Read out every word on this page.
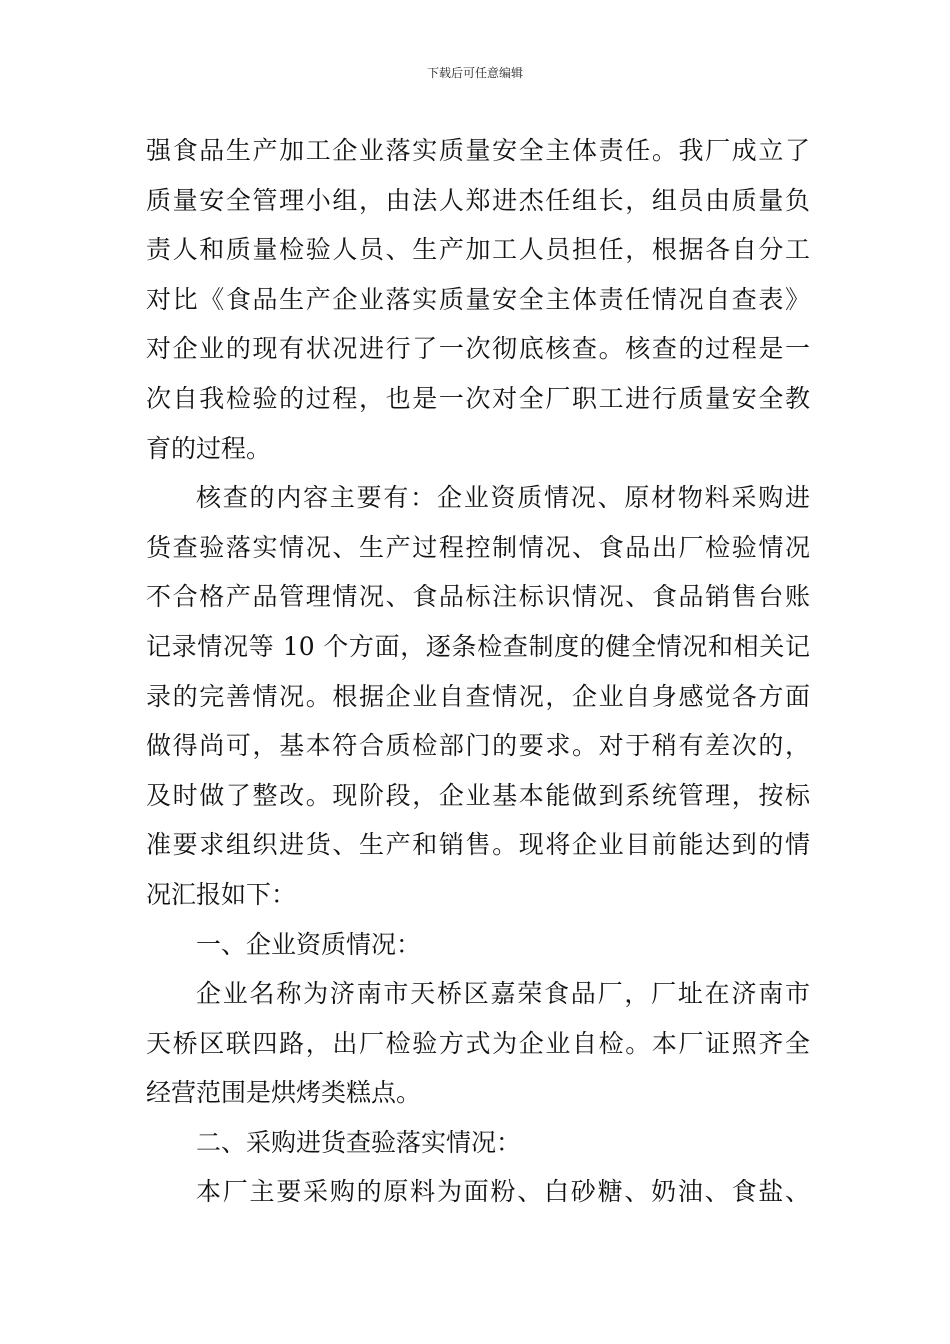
下载后可任意编辑
强食品生产加工企业落实质量安全主体责任。我厂成立了
质量安全管理小组，由法人郑进杰任组长，组员由质量负
责人和质量检验人员、生产加工人员担任，根据各自分工
对比《食品生产企业落实质量安全主体责任情况自查表》
对企业的现有状况进行了一次彻底核查。核查的过程是一
次自我检验的过程，也是一次对全厂职工进行质量安全教
育的过程。
核查的内容主要有：企业资质情况、原材物料采购进
货查验落实情况、生产过程控制情况、食品出厂检验情况
不合格产品管理情况、食品标注标识情况、食品销售台账
记录情况等 10 个方面，逐条检查制度的健全情况和相关记
录的完善情况。根据企业自查情况，企业自身感觉各方面
做得尚可，基本符合质检部门的要求。对于稍有差次的，
及时做了整改。现阶段，企业基本能做到系统管理，按标
准要求组织进货、生产和销售。现将企业目前能达到的情
况汇报如下：
一、企业资质情况：
企业名称为济南市天桥区嘉荣食品厂，厂址在济南市
天桥区联四路，出厂检验方式为企业自检。本厂证照齐全
经营范围是烘烤类糕点。
二、采购进货查验落实情况：
本厂主要采购的原料为面粉、白砂糖、奶油、食盐、
